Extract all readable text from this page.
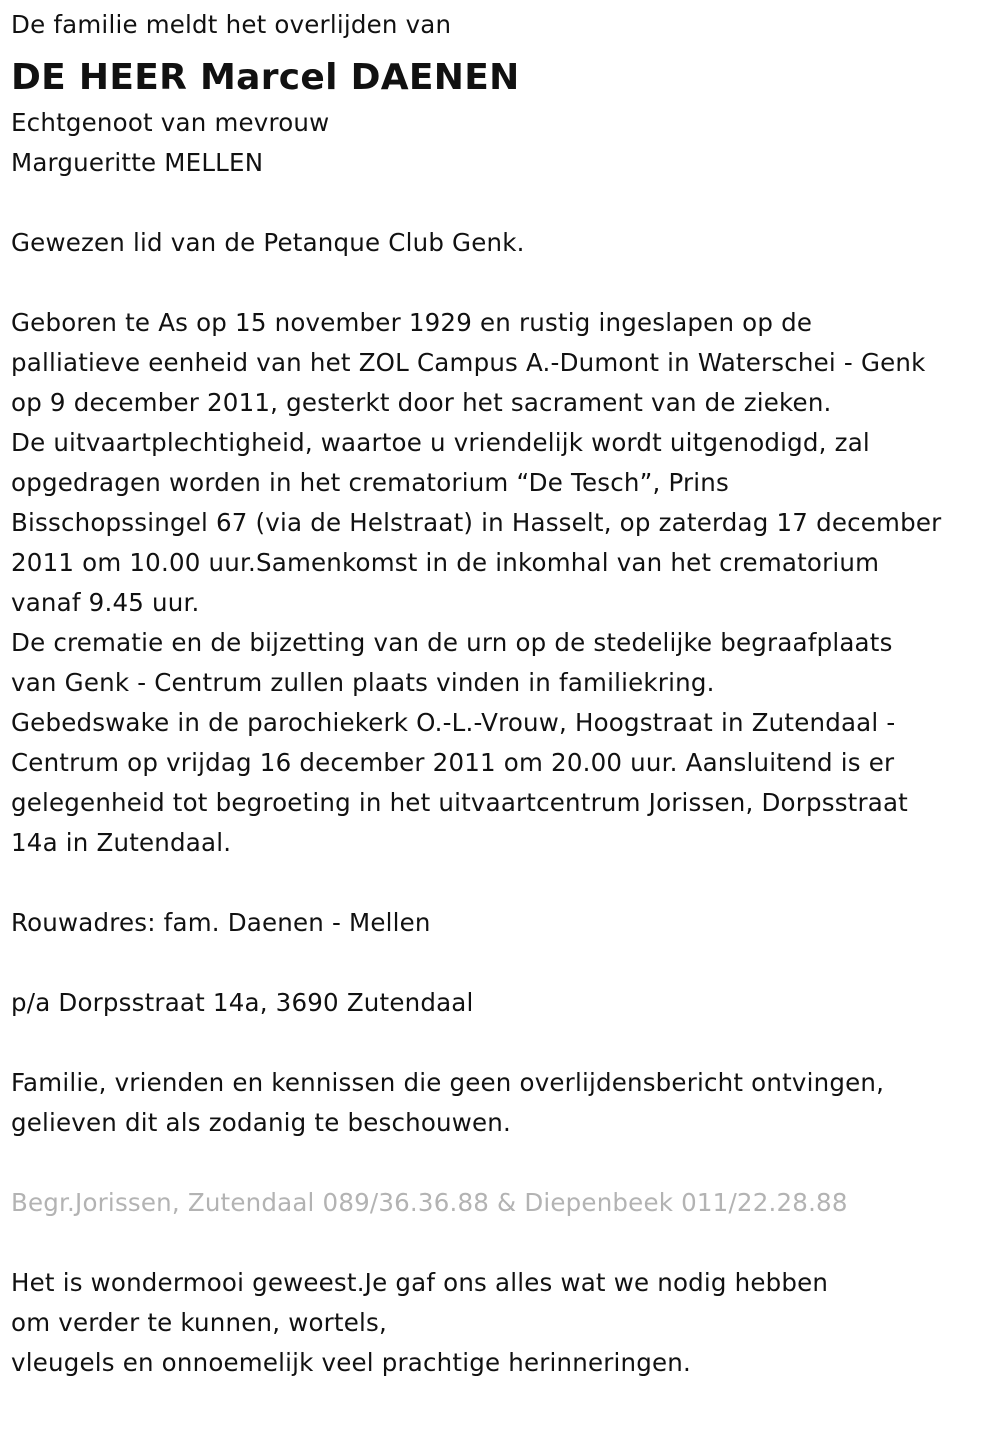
De familie meldt het overlijden van
DE HEER Marcel DAENEN
Echtgenoot van mevrouw
Margueritte MELLEN
Gewezen lid van de Petanque Club Genk.
Geboren te As op 15 november 1929 en rustig ingeslapen op de
palliatieve eenheid van het ZOL Campus A.-Dumont in Waterschei - Genk
op 9 december 2011, gesterkt door het sacrament van de zieken.
De uitvaartplechtigheid, waartoe u vriendelijk wordt uitgenodigd, zal
opgedragen worden in het crematorium “De Tesch”, Prins
Bisschopssingel 67 (via de Helstraat) in Hasselt, op zaterdag 17 december
2011 om 10.00 uur.Samenkomst in de inkomhal van het crematorium
vanaf 9.45 uur.
De crematie en de bijzetting van de urn op de stedelijke begraafplaats
van Genk - Centrum zullen plaats vinden in familiekring.
Gebedswake in de parochiekerk O.-L.-Vrouw, Hoogstraat in Zutendaal -
Centrum op vrijdag 16 december 2011 om 20.00 uur. Aansluitend is er
gelegenheid tot begroeting in het uitvaartcentrum Jorissen, Dorpsstraat
14a in Zutendaal.
Rouwadres: fam. Daenen - Mellen
p/a Dorpsstraat 14a, 3690 Zutendaal
Familie, vrienden en kennissen die geen overlijdensbericht ontvingen,
gelieven dit als zodanig te beschouwen.
Begr.Jorissen, Zutendaal 089/36.36.88 & Diepenbeek 011/22.28.88
Het is wondermooi geweest.Je gaf ons alles wat we nodig hebben
om verder te kunnen, wortels,
vleugels en onnoemelijk veel prachtige herinneringen.
